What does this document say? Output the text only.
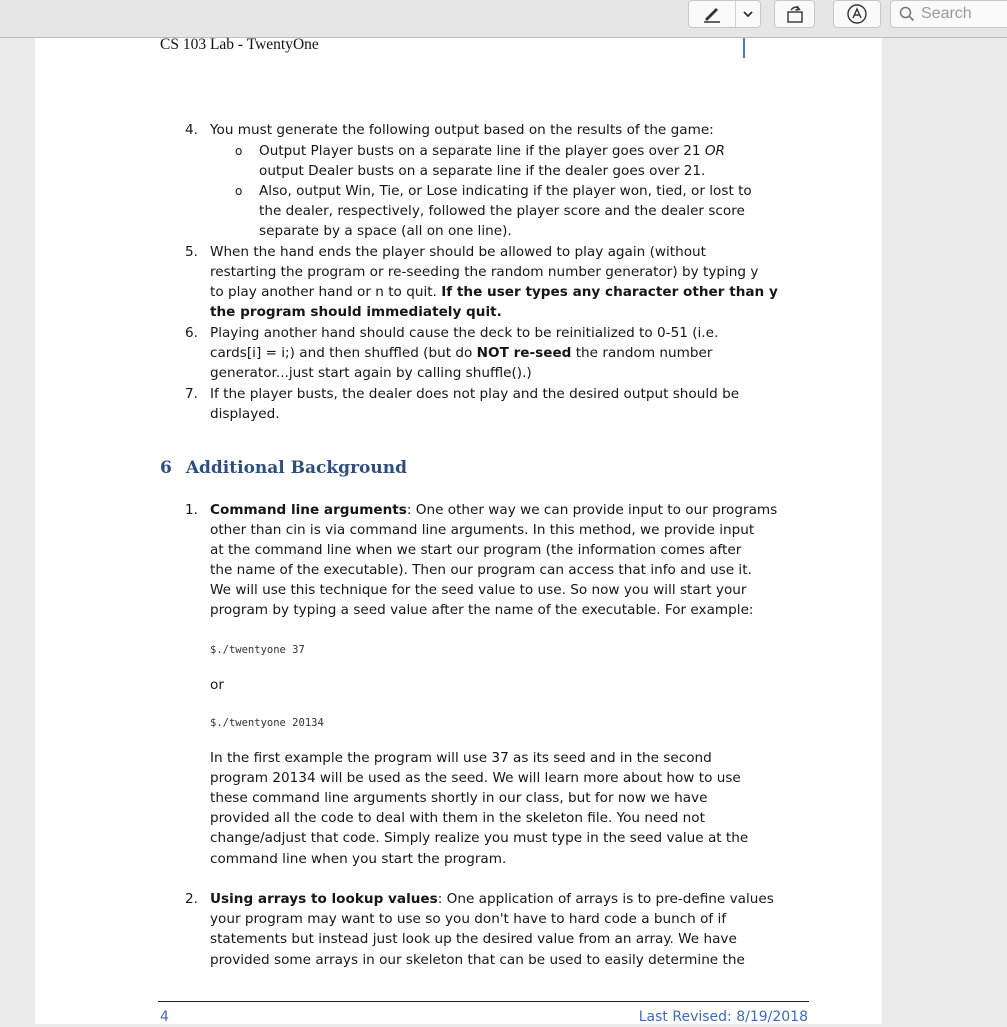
Search
CS 103 Lab - TwentyOne
4. You must generate the following output based on the results of the game:
o Output Player busts on a separate line if the player goes over 21 OR
output Dealer busts on a separate line if the dealer goes over 21.
o Also, output Win, Tie, or Lose indicating if the player won, tied, or lost to
the dealer, respectively, followed the player score and the dealer score
separate by a space (all on one line).
5. When the hand ends the player should be allowed to play again (without
restarting the program or re-seeding the random number generator) by typing y
to play another hand or n to quit. If the user types any character other than y
the program should immediately quit.
6. Playing another hand should cause the deck to be reinitialized to 0-51 (i.e.
cards[i] = i;) and then shuffled (but do NOT re-seed the random number
generator...just start again by calling shuffle().)
7. If the player busts, the dealer does not play and the desired output should be
displayed.
6 Additional Background
1. Command line arguments: One other way we can provide input to our programs
other than cin is via command line arguments. In this method, we provide input
at the command line when we start our program (the information comes after
the name of the executable). Then our program can access that info and use it.
We will use this technique for the seed value to use. So now you will start your
program by typing a seed value after the name of the executable. For example:
$./twentyone 37
or
$./twentyone 20134
In the first example the program will use 37 as its seed and in the second
program 20134 will be used as the seed. We will learn more about how to use
these command line arguments shortly in our class, but for now we have
provided all the code to deal with them in the skeleton file. You need not
change/adjust that code. Simply realize you must type in the seed value at the
command line when you start the program.
2. Using arrays to lookup values: One application of arrays is to pre-define values
your program may want to use so you don't have to hard code a bunch of if
statements but instead just look up the desired value from an array. We have
provided some arrays in our skeleton that can be used to easily determine the
4	Last Revised: 8/19/2018
